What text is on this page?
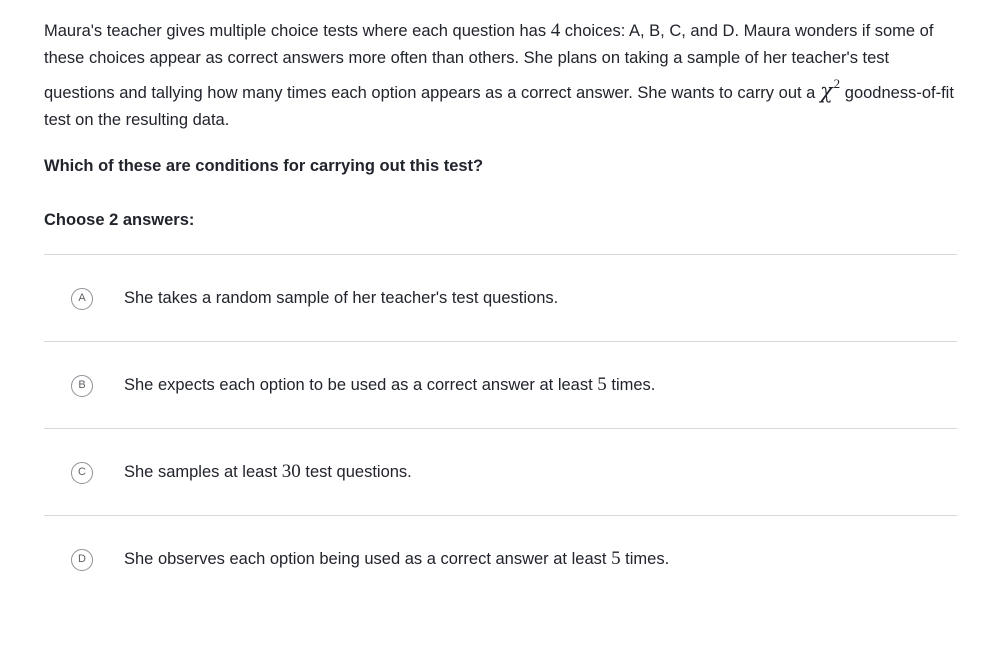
Maura's teacher gives multiple choice tests where each question has 4 choices: A, B, C, and D. Maura wonders if some of these choices appear as correct answers more often than others. She plans on taking a sample of her teacher's test questions and tallying how many times each option appears as a correct answer. She wants to carry out a $\chi^2$ goodness-of-fit test on the resulting data.
Which of these are conditions for carrying out this test?
Choose 2 answers:
A	She takes a random sample of her teacher's test questions.
B	She expects each option to be used as a correct answer at least 5 times.
C	She samples at least 30 test questions.
D	She observes each option being used as a correct answer at least 5 times.
